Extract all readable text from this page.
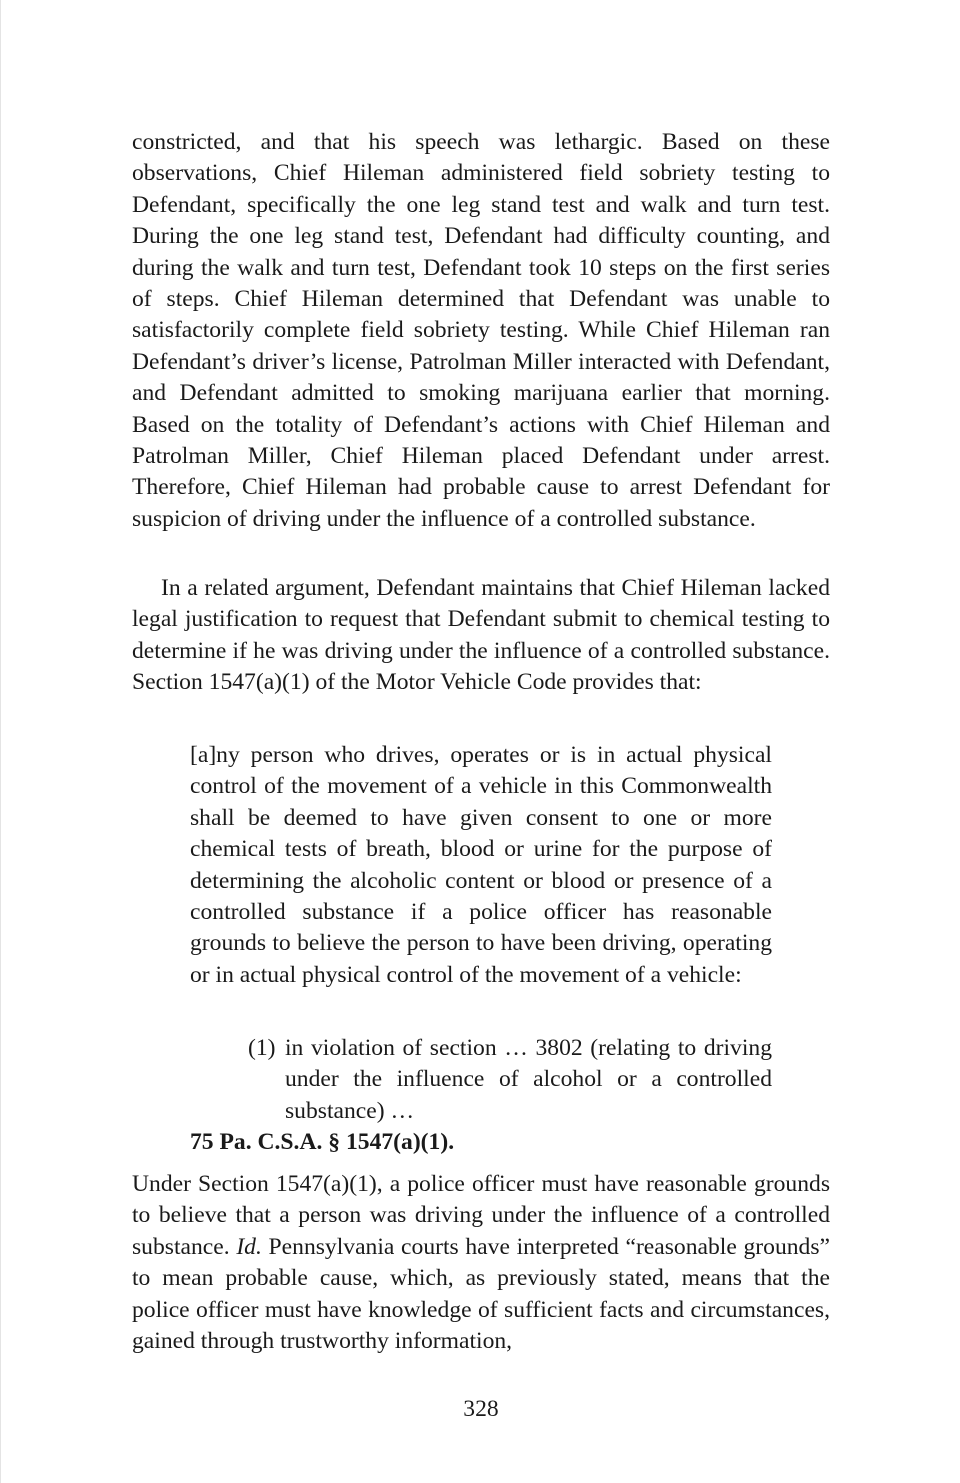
constricted, and that his speech was lethargic. Based on these observations, Chief Hileman administered field sobriety testing to Defendant, specifically the one leg stand test and walk and turn test. During the one leg stand test, Defendant had difficulty counting, and during the walk and turn test, Defendant took 10 steps on the first series of steps. Chief Hileman determined that Defendant was unable to satisfactorily complete field sobriety testing. While Chief Hileman ran Defendant’s driver’s license, Patrolman Miller interacted with Defendant, and Defendant admitted to smoking marijuana earlier that morning. Based on the totality of Defendant’s actions with Chief Hileman and Patrolman Miller, Chief Hileman placed Defendant under arrest. Therefore, Chief Hileman had probable cause to arrest Defendant for suspicion of driving under the influence of a controlled substance.

In a related argument, Defendant maintains that Chief Hileman lacked legal justification to request that Defendant submit to chemical testing to determine if he was driving under the influence of a controlled substance. Section 1547(a)(1) of the Motor Vehicle Code provides that:

[a]ny person who drives, operates or is in actual physical control of the movement of a vehicle in this Commonwealth shall be deemed to have given consent to one or more chemical tests of breath, blood or urine for the purpose of determining the alcoholic content or blood or presence of a controlled substance if a police officer has reasonable grounds to believe the person to have been driving, operating or in actual physical control of the movement of a vehicle:

(1) in violation of section … 3802 (relating to driving under the influence of alcohol or a controlled substance) …

75 Pa. C.S.A. § 1547(a)(1).

Under Section 1547(a)(1), a police officer must have reasonable grounds to believe that a person was driving under the influence of a controlled substance. Id. Pennsylvania courts have interpreted “reasonable grounds” to mean probable cause, which, as previously stated, means that the police officer must have knowledge of sufficient facts and circumstances, gained through trustworthy information,

328
